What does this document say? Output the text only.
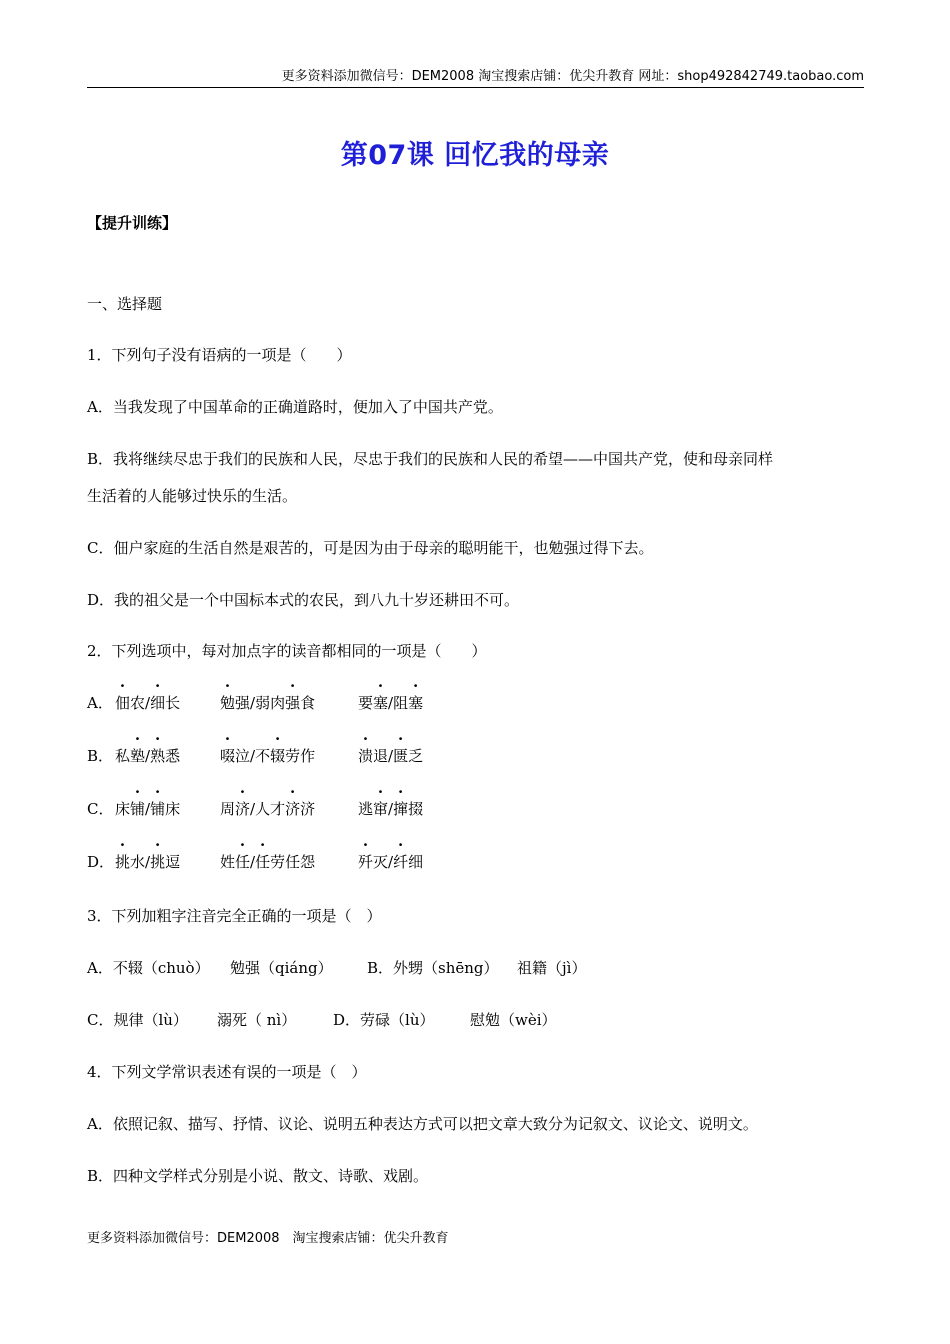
更多资料添加微信号：DEM2008 淘宝搜索店铺：优尖升教育 网址：shop492842749.taobao.com
第07课 回忆我的母亲
【提升训练】
一、选择题
1．下列句子没有语病的一项是（　　）
A．当我发现了中国革命的正确道路时，便加入了中国共产党。
B．我将继续尽忠于我们的民族和人民，尽忠于我们的民族和人民的希望——中国共产党，使和母亲同样
生活着的人能够过快乐的生活。
C．佃户家庭的生活自然是艰苦的，可是因为由于母亲的聪明能干，也勉强过得下去。
D．我的祖父是一个中国标本式的农民，到八九十岁还耕田不可。
2．下列选项中，每对加点字的读音都相同的一项是（　　）
A． 佃农/细长	勉强/弱肉强食	要塞/阻塞
B． 私塾/熟悉	啜泣/不辍劳作	溃退/匮乏
C． 床铺/铺床	周济/人才济济	逃窜/撺掇
D． 挑水/挑逗	姓任/任劳任怨	歼灭/纤细
3．下列加粗字注音完全正确的一项是（　）
A．不辍（chuò） 勉强（qiáng） B．外甥（shēng） 祖籍（jì）
C．规律（lù） 溺死（ nì） D．劳碌（lù） 慰勉（wèi）
4．下列文学常识表述有误的一项是（　）
A．依照记叙、描写、抒情、议论、说明五种表达方式可以把文章大致分为记叙文、议论文、说明文。
B．四种文学样式分别是小说、散文、诗歌、戏剧。
更多资料添加微信号：DEM2008　淘宝搜索店铺：优尖升教育
